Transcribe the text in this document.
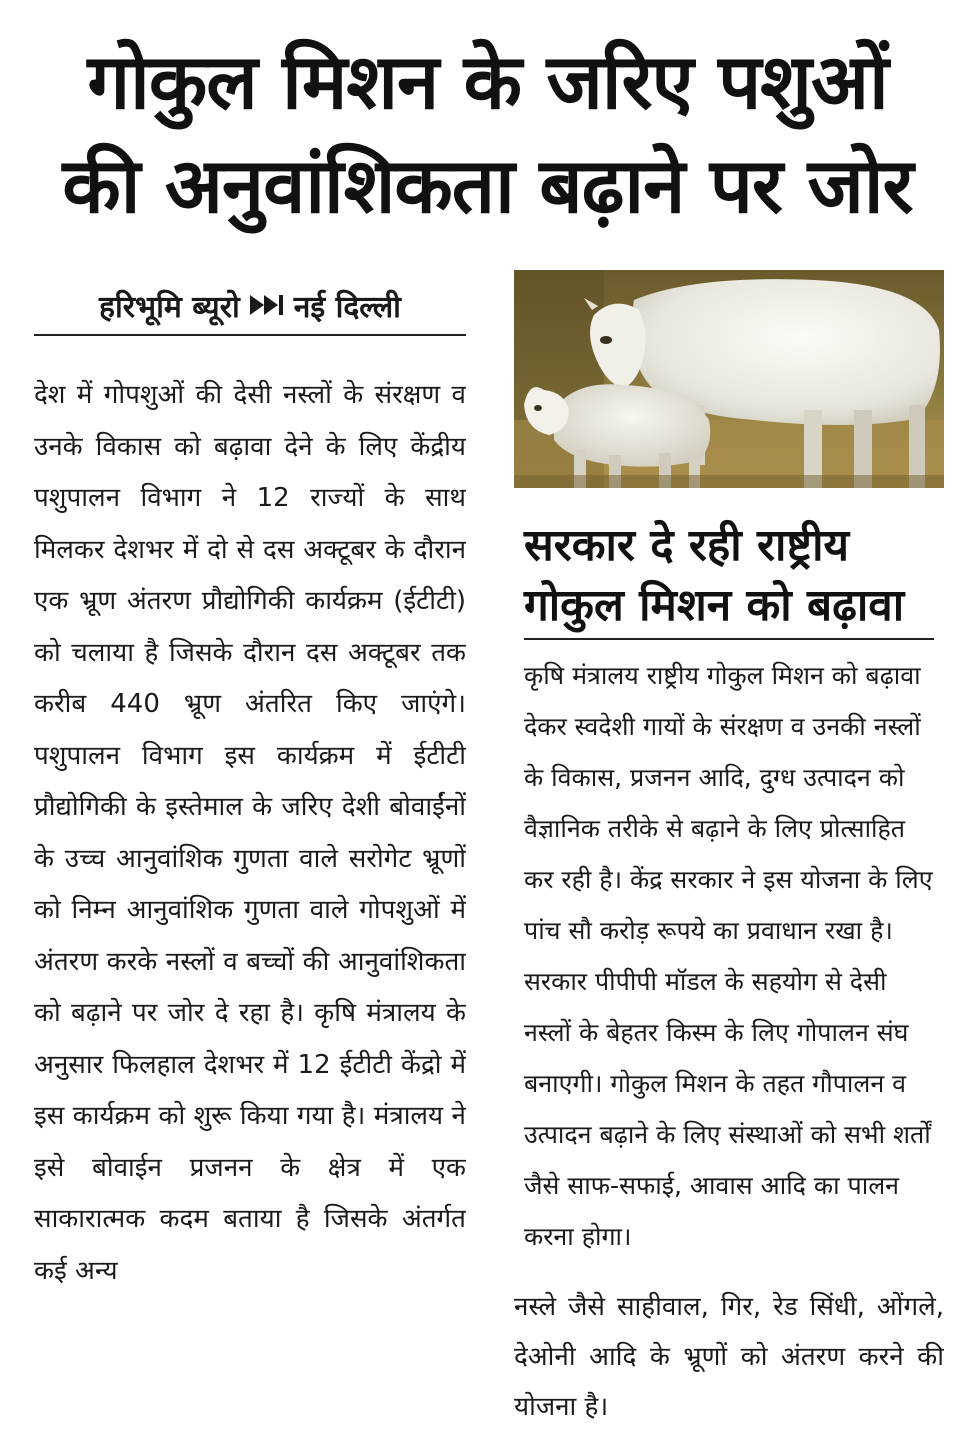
गोकुल मिशन के जरिए पशुओं
की अनुवांशिकता बढ़ाने पर जोर
हरिभूमि ब्यूरो नई दिल्ली

देश में गोपशुओं की देसी नस्लों के संरक्षण व उनके विकास को बढ़ावा देने के लिए केंद्रीय पशुपालन विभाग ने 12 राज्यों के साथ मिलकर देशभर में दो से दस अक्टूबर के दौरान एक भ्रूण अंतरण प्रौद्योगिकी कार्यक्रम (ईटीटी) को चलाया है जिसके दौरान दस अक्टूबर तक करीब 440 भ्रूण अंतरित किए जाएंगे। पशुपालन विभाग इस कार्यक्रम में ईटीटी प्रौद्योगिकी के इस्तेमाल के जरिए देशी बोवाईंनों के उच्च आनुवांशिक गुणता वाले सरोगेट भ्रूणों को निम्न आनुवांशिक गुणता वाले गोपशुओं में अंतरण करके नस्लों व बच्चों की आनुवांशिकता को बढ़ाने पर जोर दे रहा है। कृषि मंत्रालय के अनुसार फिलहाल देशभर में 12 ईटीटी केंद्रो में इस कार्यक्रम को शुरू किया गया है। मंत्रालय ने इसे बोवाईन प्रजनन के क्षेत्र में एक साकारात्मक कदम बताया है जिसके अंतर्गत कई अन्य

सरकार दे रही राष्ट्रीय
गोकुल मिशन को बढ़ावा

कृषि मंत्रालय राष्ट्रीय गोकुल मिशन को बढ़ावा देकर स्वदेशी गायों के संरक्षण व उनकी नस्लों के विकास, प्रजनन आदि, दुग्ध उत्पादन को वैज्ञानिक तरीके से बढ़ाने के लिए प्रोत्साहित कर रही है। केंद्र सरकार ने इस योजना के लिए पांच सौ करोड़ रूपये का प्रवाधान रखा है। सरकार पीपीपी मॉडल के सहयोग से देसी नस्लों के बेहतर किस्म के लिए गोपालन संघ बनाएगी। गोकुल मिशन के तहत गौपालन व उत्पादन बढ़ाने के लिए संस्थाओं को सभी शर्तों जैसे साफ-सफाई, आवास आदि का पालन करना होगा।

नस्ले जैसे साहीवाल, गिर, रेड सिंधी, ओंगले, देओनी आदि के भ्रूणों को अंतरण करने की योजना है।
